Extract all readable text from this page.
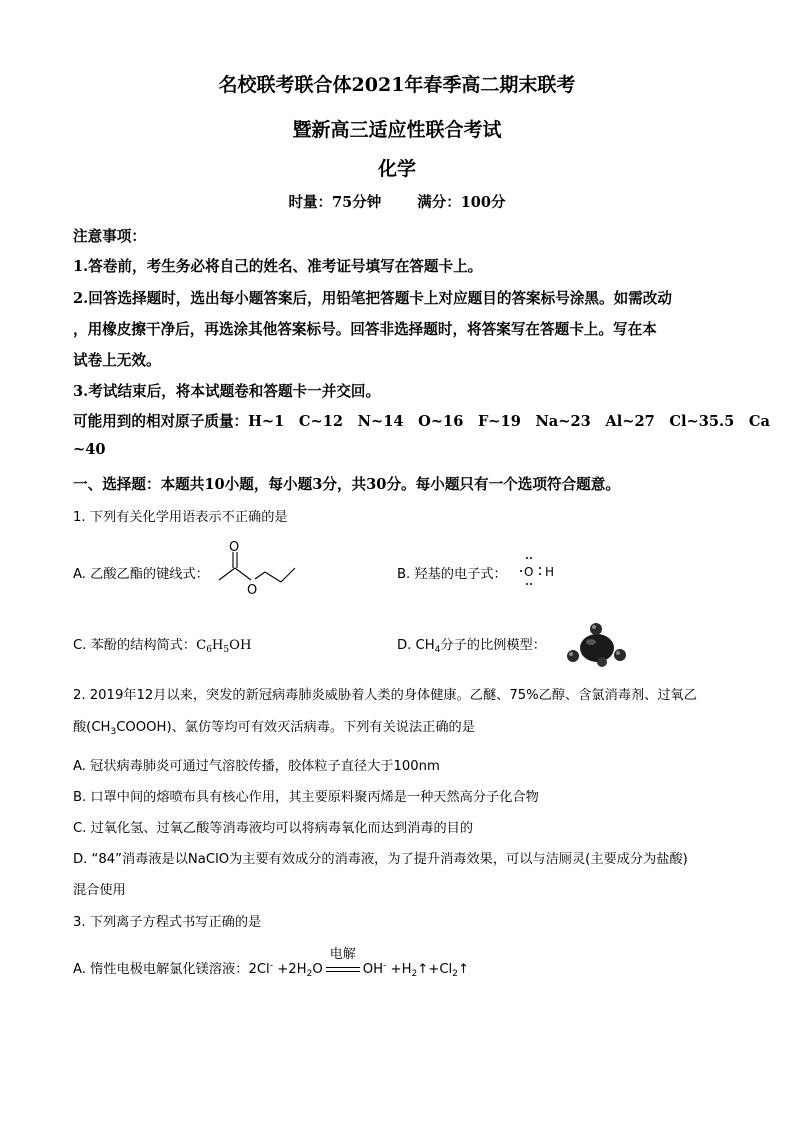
名校联考联合体2021年春季高二期末联考
暨新高三适应性联合考试
化学
时量：75分钟 满分：100分
注意事项：
1.答卷前，考生务必将自己的姓名、准考证号填写在答题卡上。
2.回答选择题时，选出每小题答案后，用铅笔把答题卡上对应题目的答案标号涂黑。如需改动
，用橡皮擦干净后，再选涂其他答案标号。回答非选择题时，将答案写在答题卡上。写在本
试卷上无效。
3.考试结束后，将本试题卷和答题卡一并交回。
可能用到的相对原子质量：H~1　C~12　N~14　O~16　F~19　Na~23　Al~27　Cl~35.5　Ca
~40
一、选择题：本题共10小题，每小题3分，共30分。每小题只有一个选项符合题意。
1. 下列有关化学用语表示不正确的是
A. 乙酸乙酯的键线式：
O
O
B. 羟基的电子式： O H
C. 苯酚的结构简式：$C_6H_5OH$	D. $CH_4$分子的比例模型：
2. 2019年12月以来，突发的新冠病毒肺炎威胁着人类的身体健康。乙醚、75%乙醇、含氯消毒剂、过氧乙
酸$(CH_3COOOH)$、氯仿等均可有效灭活病毒。下列有关说法正确的是
A. 冠状病毒肺炎可通过气溶胶传播，胶体粒子直径大于100nm
B. 口罩中间的熔喷布具有核心作用，其主要原料聚丙烯是一种天然高分子化合物
C. 过氧化氢、过氧乙酸等消毒液均可以将病毒氧化而达到消毒的目的
D. “84”消毒液是以NaClO为主要有效成分的消毒液，为了提升消毒效果，可以与洁厕灵(主要成分为盐酸)
混合使用
3. 下列离子方程式书写正确的是
A. 惰性电极电解氯化镁溶液：$2Cl^- +2H_2O$
电解
$OH^- +H_2↑+Cl_2↑$
